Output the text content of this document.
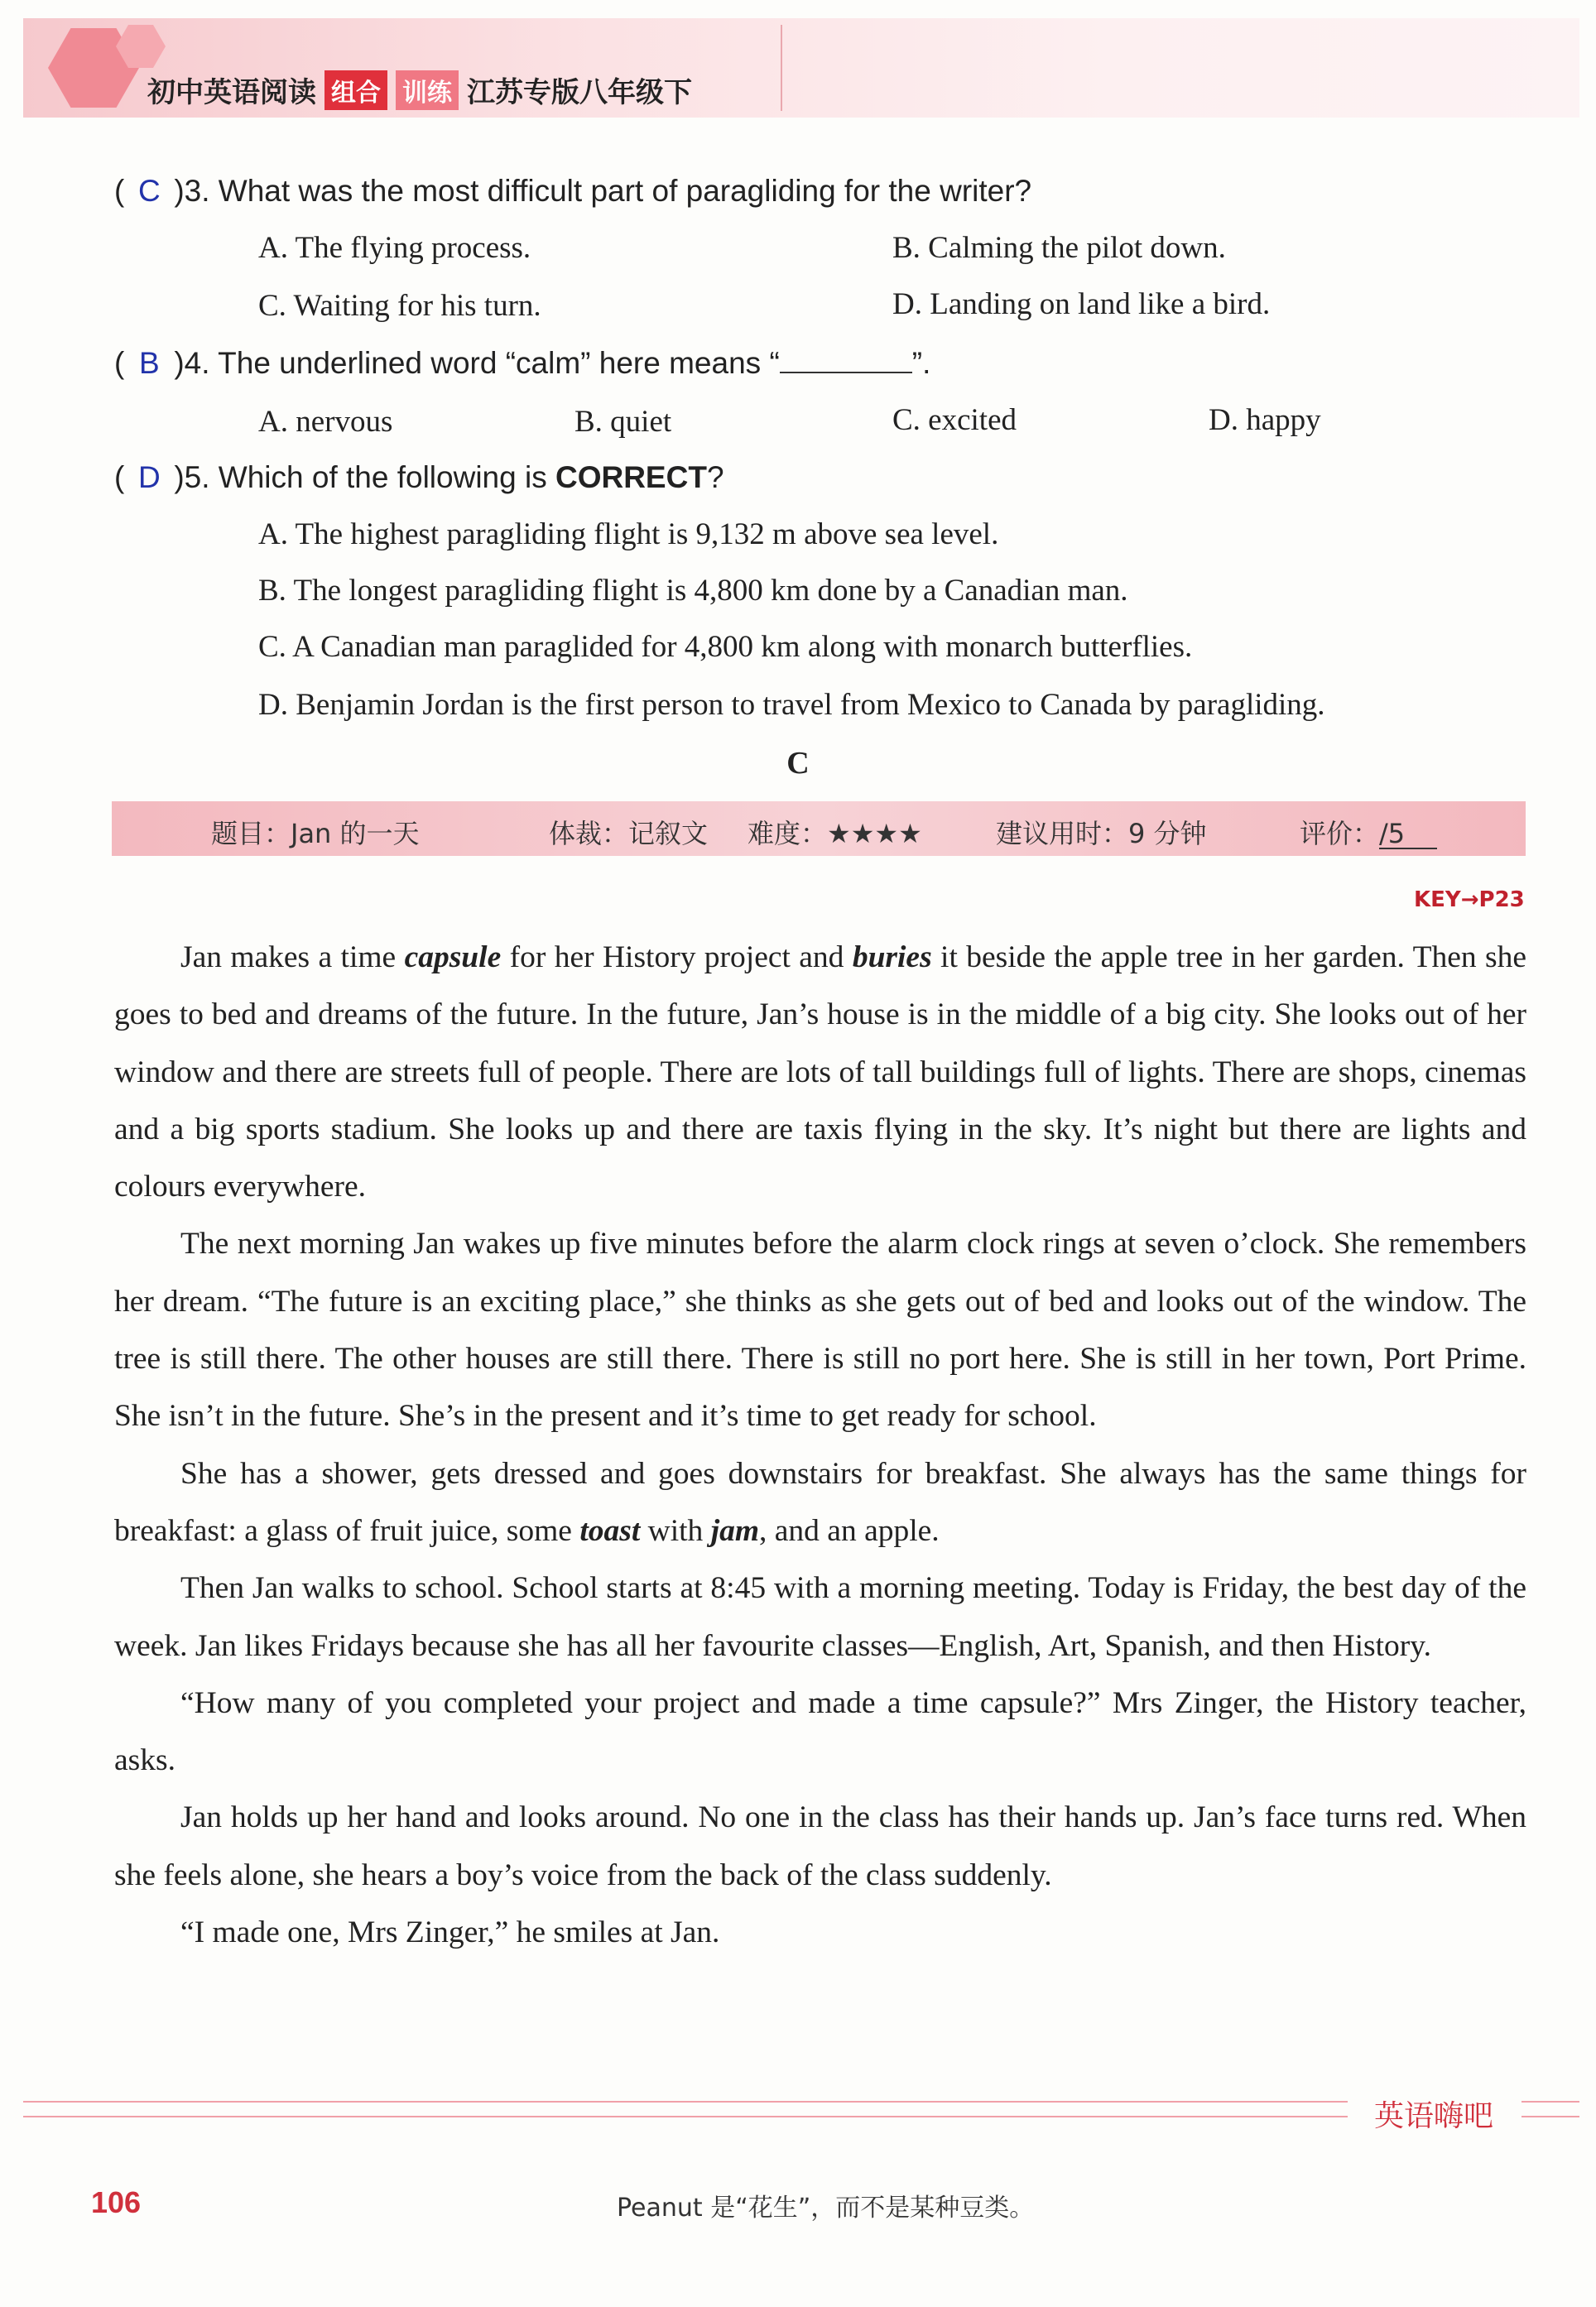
初中英语阅读 组合 训练 江苏专版八年级下
( C )3. What was the most difficult part of paragliding for the writer?
A. The flying process.	B. Calming the pilot down.
C. Waiting for his turn.	D. Landing on land like a bird.
( B )4. The underlined word “calm” here means “	”.
A. nervous	B. quiet	C. excited	D. happy
( D )5. Which of the following is CORRECT?
A. The highest paragliding flight is 9,132 m above sea level.
B. The longest paragliding flight is 4,800 km done by a Canadian man.
C. A Canadian man paraglided for 4,800 km along with monarch butterflies.
D. Benjamin Jordan is the first person to travel from Mexico to Canada by paragliding.
C
题目：Jan 的一天	体裁：记叙文 难度：★★★★	建议用时：9 分钟	评价：
/5
KEY→P23

Jan makes a time capsule for her History project and buries it beside the apple tree in her garden. Then she goes to bed and dreams of the future. In the future, Jan’s house is in the middle of a big city. She looks out of her window and there are streets full of people. There are lots of tall buildings full of lights. There are shops, cinemas and a big sports stadium. She looks up and there are taxis flying in the sky. It’s night but there are lights and colours everywhere.

The next morning Jan wakes up five minutes before the alarm clock rings at seven o’clock. She remembers her dream. “The future is an exciting place,” she thinks as she gets out of bed and looks out of the window. The tree is still there. The other houses are still there. There is still no port here. She is still in her town, Port Prime. She isn’t in the future. She’s in the present and it’s time to get ready for school.

She has a shower, gets dressed and goes downstairs for breakfast. She always has the same things for breakfast: a glass of fruit juice, some toast with jam, and an apple.

Then Jan walks to school. School starts at 8:45 with a morning meeting. Today is Friday, the best day of the week. Jan likes Fridays because she has all her favourite classes—English, Art, Spanish, and then History.

“How many of you completed your project and made a time capsule?” Mrs Zinger, the History teacher, asks.

Jan holds up her hand and looks around. No one in the class has their hands up. Jan’s face turns red. When she feels alone, she hears a boy’s voice from the back of the class suddenly.

“I made one, Mrs Zinger,” he smiles at Jan.

英语嗨吧
106	Peanut 是“花生”，而不是某种豆类。
